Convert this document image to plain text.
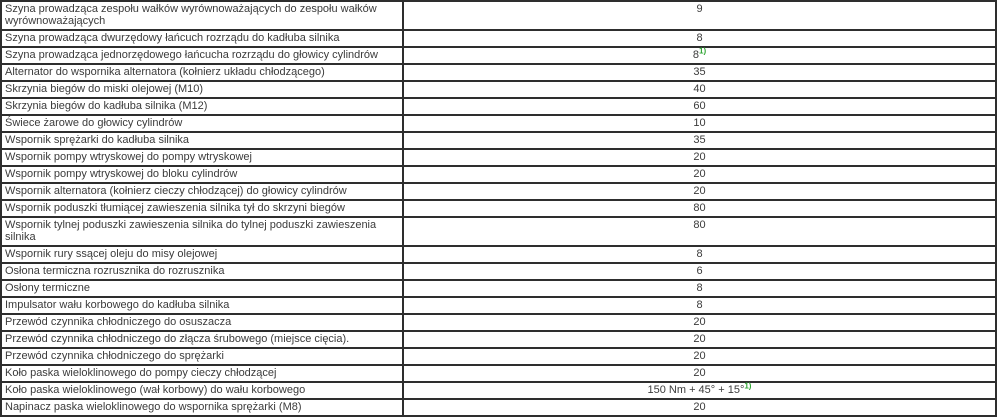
Szyna prowadząca zespołu wałków wyrównoważających do zespołu wałków wyrównoważających	9
Szyna prowadząca dwurzędowy łańcuch rozrządu do kadłuba silnika	8
Szyna prowadząca jednorzędowego łańcucha rozrządu do głowicy cylindrów	8$^{1)}$
Alternator do wspornika alternatora (kołnierz układu chłodzącego)	35
Skrzynia biegów do miski olejowej (M10)	40
Skrzynia biegów do kadłuba silnika (M12)	60
Świece żarowe do głowicy cylindrów	10
Wspornik sprężarki do kadłuba silnika	35
Wspornik pompy wtryskowej do pompy wtryskowej	20
Wspornik pompy wtryskowej do bloku cylindrów	20
Wspornik alternatora (kołnierz cieczy chłodzącej) do głowicy cylindrów	20
Wspornik poduszki tłumiącej zawieszenia silnika tył do skrzyni biegów	80
Wspornik tylnej poduszki zawieszenia silnika do tylnej poduszki zawieszenia silnika	80
Wspornik rury ssącej oleju do misy olejowej	8
Osłona termiczna rozrusznika do rozrusznika	6
Osłony termiczne	8
Impulsator wału korbowego do kadłuba silnika	8
Przewód czynnika chłodniczego do osuszacza	20
Przewód czynnika chłodniczego do złącza śrubowego (miejsce cięcia).	20
Przewód czynnika chłodniczego do sprężarki	20
Koło paska wieloklinowego do pompy cieczy chłodzącej	20
Koło paska wieloklinowego (wał korbowy) do wału korbowego	150 Nm + 45° + 15°$^{1)}$
Napinacz paska wieloklinowego do wspornika sprężarki (M8)	20
